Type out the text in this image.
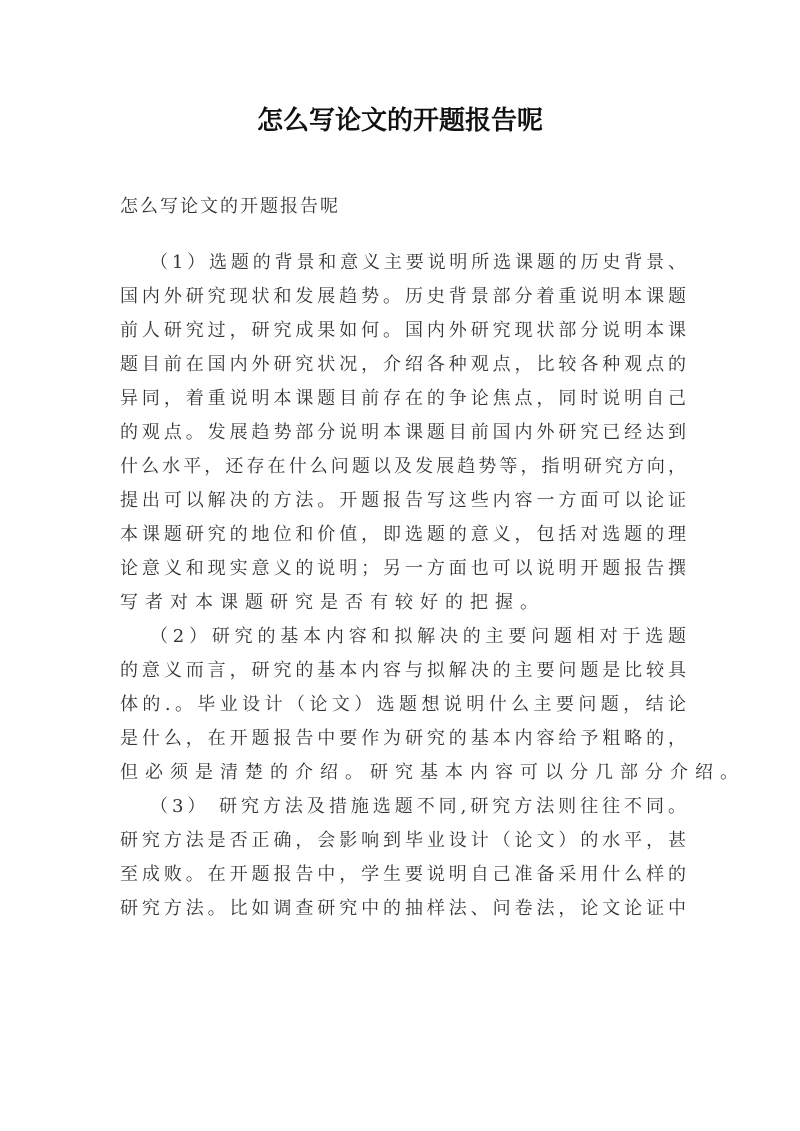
怎么写论文的开题报告呢
怎么写论文的开题报告呢
（1）选题的背景和意义主要说明所选课题的历史背景、
国内外研究现状和发展趋势。历史背景部分着重说明本课题
前人研究过，研究成果如何。国内外研究现状部分说明本课
题目前在国内外研究状况，介绍各种观点，比较各种观点的
异同，着重说明本课题目前存在的争论焦点，同时说明自己
的观点。发展趋势部分说明本课题目前国内外研究已经达到
什么水平，还存在什么问题以及发展趋势等，指明研究方向，
提出可以解决的方法。开题报告写这些内容一方面可以论证
本课题研究的地位和价值，即选题的意义，包括对选题的理
论意义和现实意义的说明；另一方面也可以说明开题报告撰
写者对本课题研究是否有较好的把握。
（2）研究的基本内容和拟解决的主要问题相对于选题
的意义而言，研究的基本内容与拟解决的主要问题是比较具
体的.。毕业设计（论文）选题想说明什么主要问题，结论
是什么，在开题报告中要作为研究的基本内容给予粗略的，
但必须是清楚的介绍。研究基本内容可以分几部分介绍。
（3） 研究方法及措施选题不同,研究方法则往往不同。
研究方法是否正确，会影响到毕业设计（论文）的水平，甚
至成败。在开题报告中，学生要说明自己准备采用什么样的
研究方法。比如调查研究中的抽样法、问卷法，论文论证中
